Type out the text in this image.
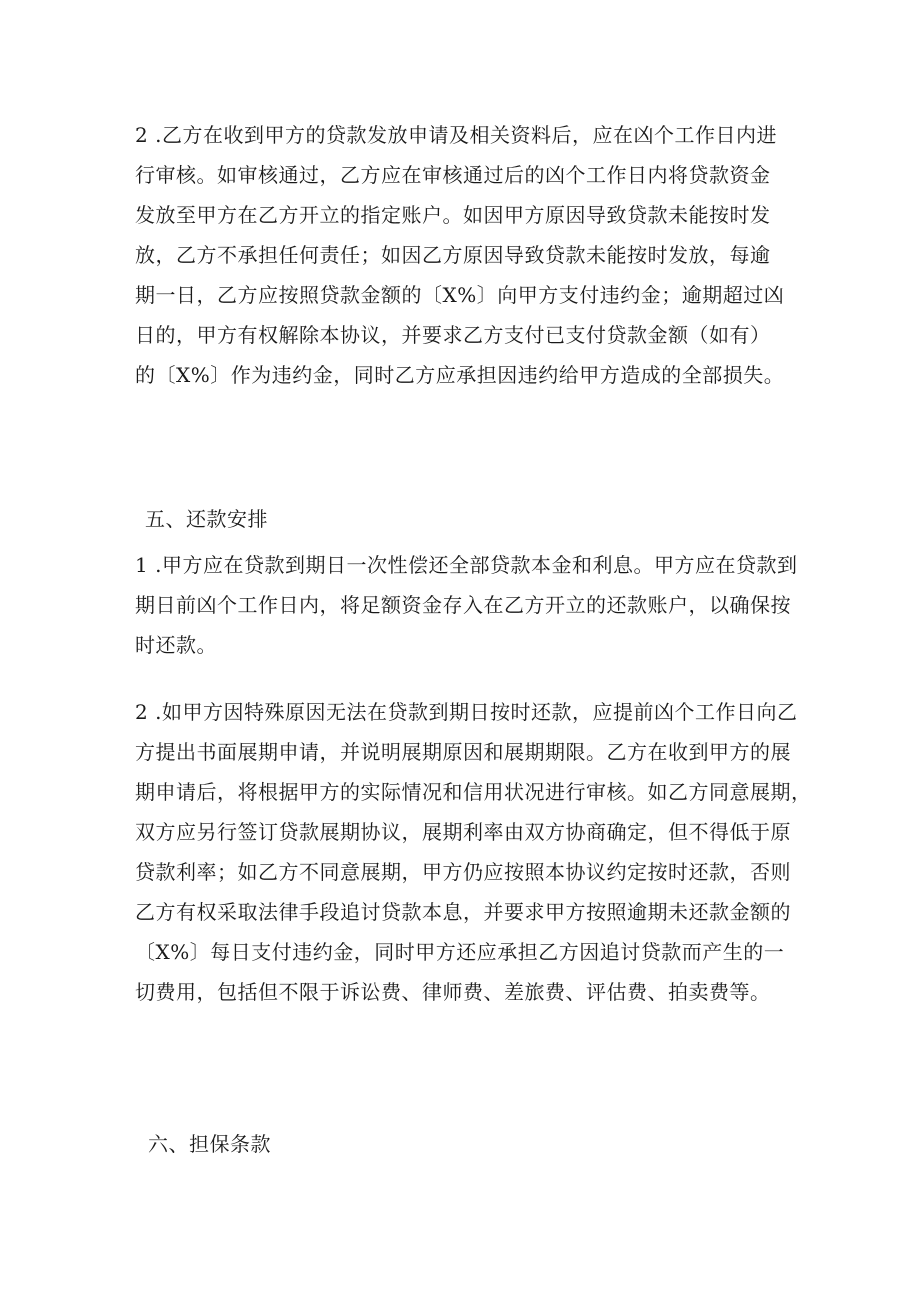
2 .乙方在收到甲方的贷款发放申请及相关资料后，应在凶个工作日内进
行审核。如审核通过，乙方应在审核通过后的凶个工作日内将贷款资金
发放至甲方在乙方开立的指定账户。如因甲方原因导致贷款未能按时发
放，乙方不承担任何责任；如因乙方原因导致贷款未能按时发放，每逾
期一日，乙方应按照贷款金额的〔X%〕向甲方支付违约金；逾期超过凶
日的，甲方有权解除本协议，并要求乙方支付已支付贷款金额（如有）
的〔X%〕作为违约金，同时乙方应承担因违约给甲方造成的全部损失。
五、还款安排
1 .甲方应在贷款到期日一次性偿还全部贷款本金和利息。甲方应在贷款到
期日前凶个工作日内，将足额资金存入在乙方开立的还款账户，以确保按
时还款。
2 .如甲方因特殊原因无法在贷款到期日按时还款，应提前凶个工作日向乙
方提出书面展期申请，并说明展期原因和展期期限。乙方在收到甲方的展
期申请后，将根据甲方的实际情况和信用状况进行审核。如乙方同意展期，
双方应另行签订贷款展期协议，展期利率由双方协商确定，但不得低于原
贷款利率；如乙方不同意展期，甲方仍应按照本协议约定按时还款，否则
乙方有权采取法律手段追讨贷款本息，并要求甲方按照逾期未还款金额的
〔X%〕每日支付违约金，同时甲方还应承担乙方因追讨贷款而产生的一
切费用，包括但不限于诉讼费、律师费、差旅费、评估费、拍卖费等。
六、担保条款
